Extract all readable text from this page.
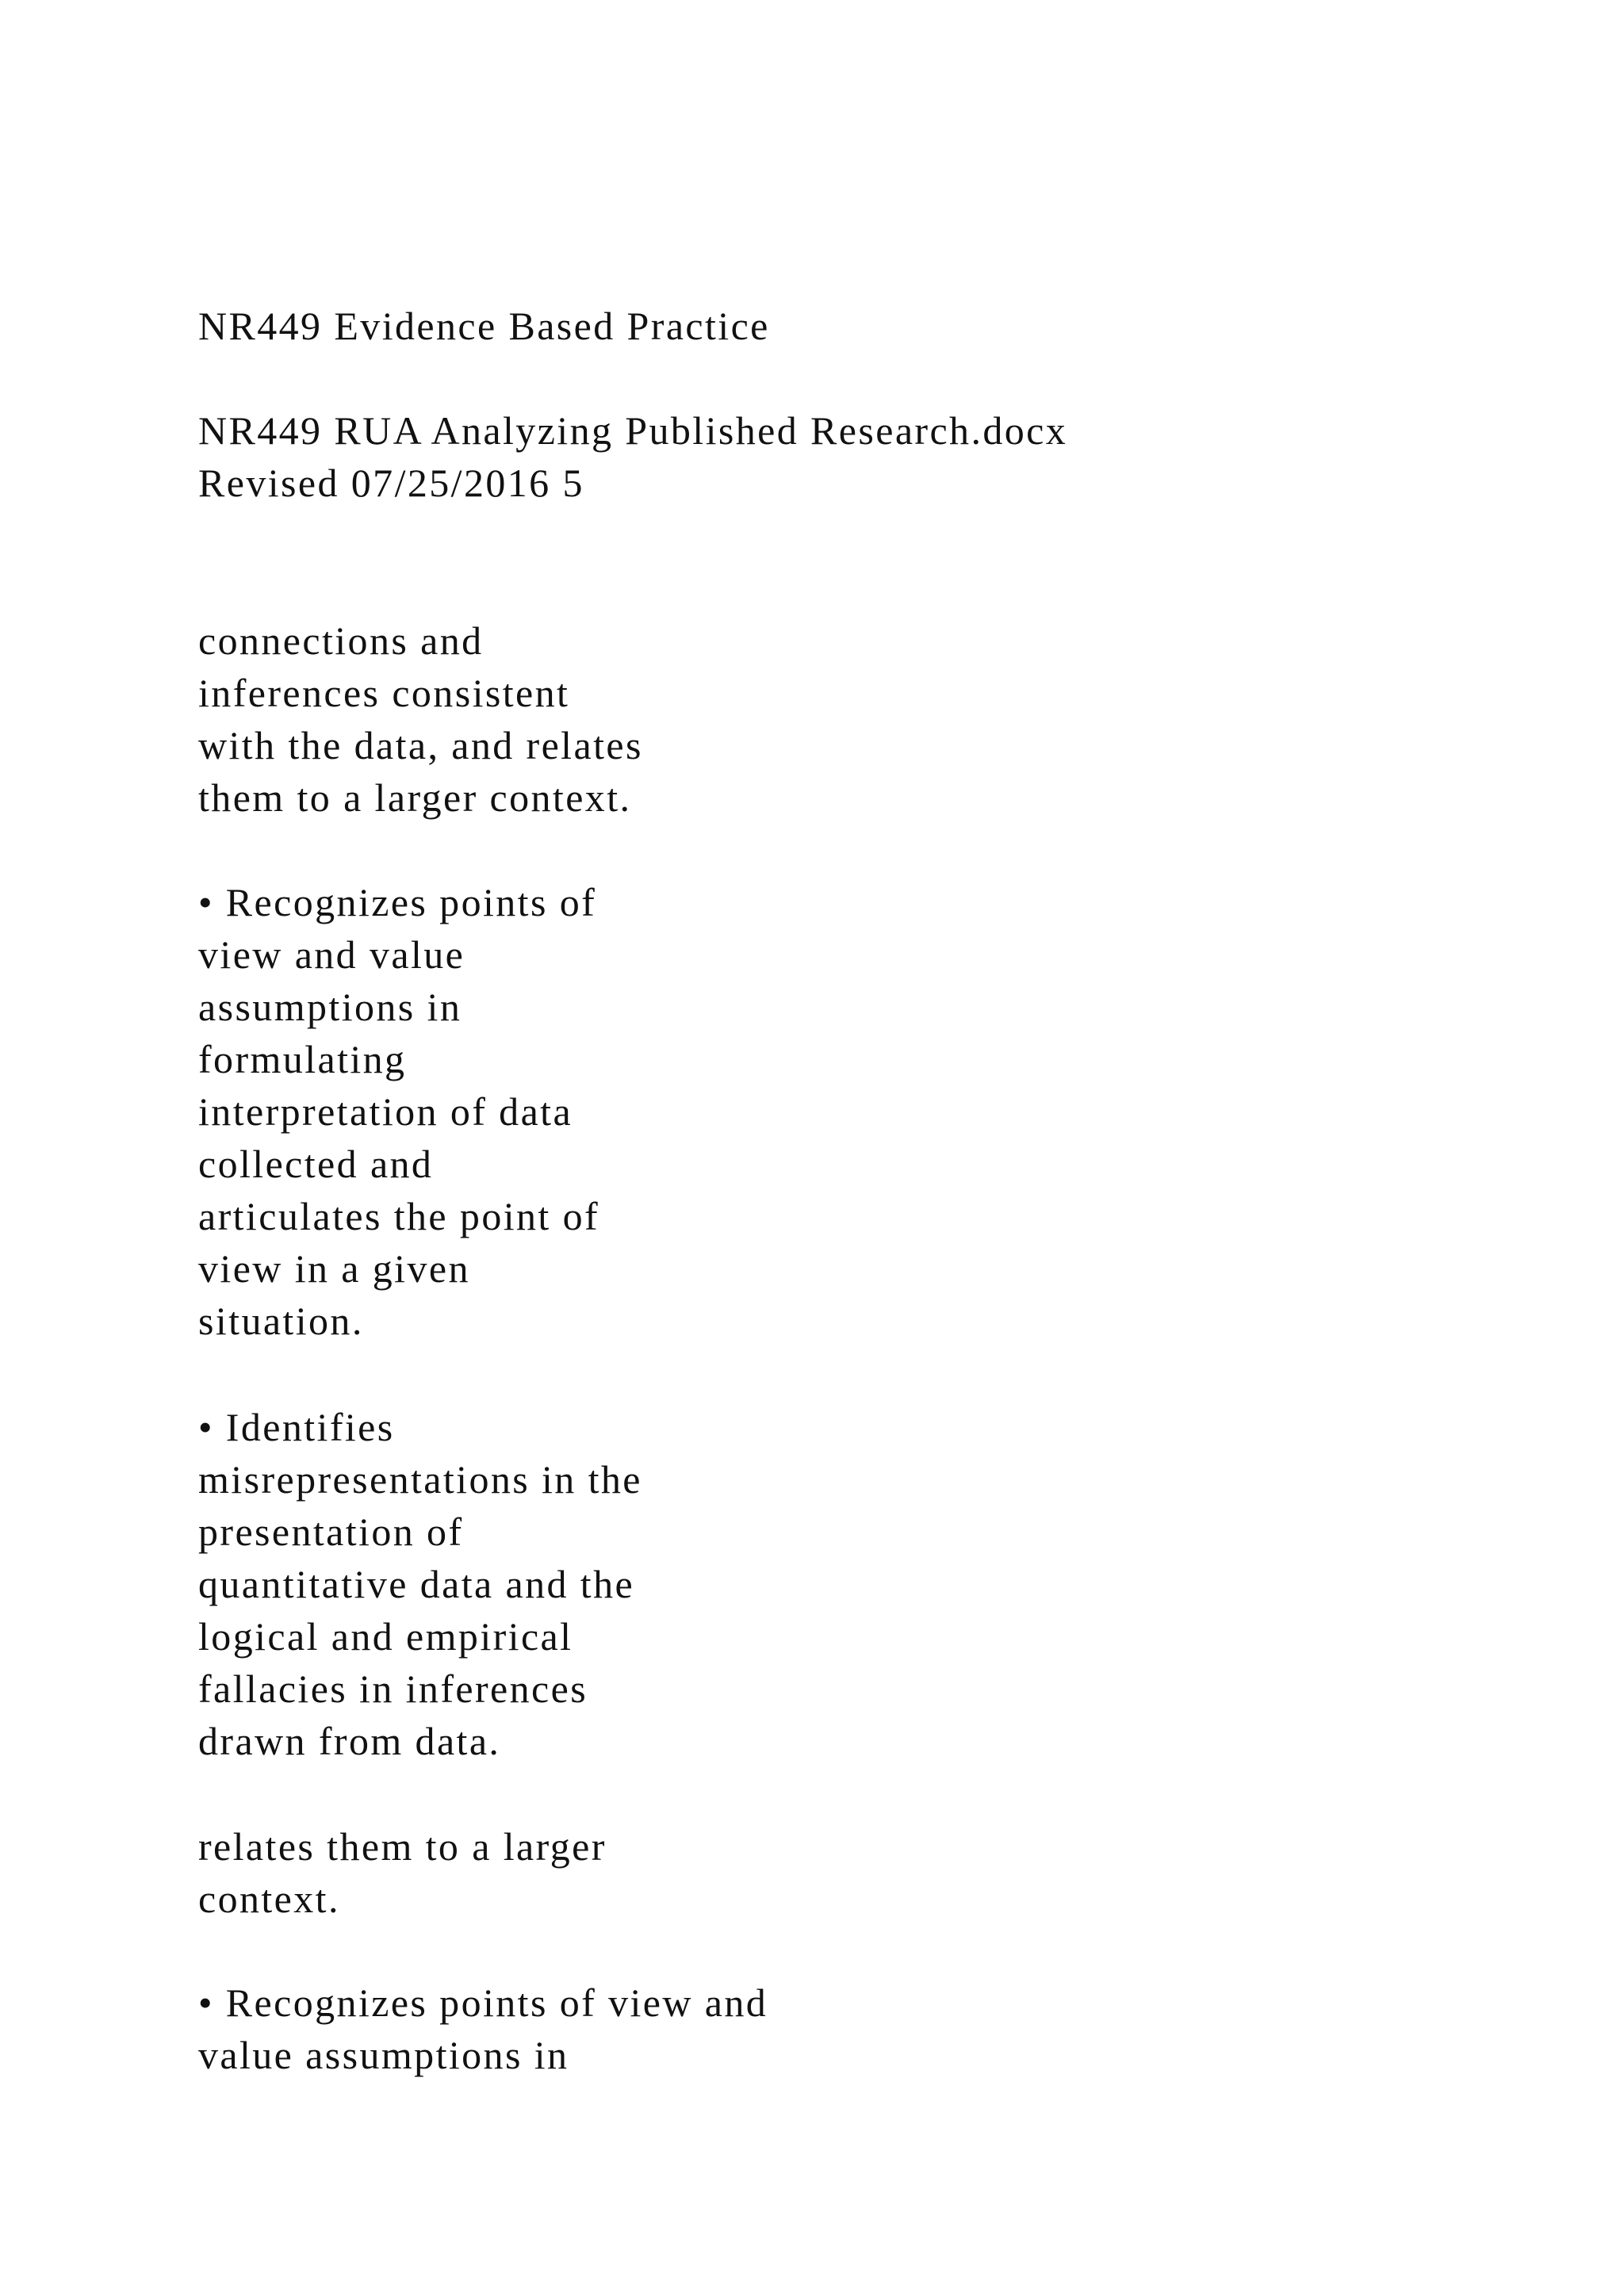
NR449 Evidence Based Practice

NR449 RUA Analyzing Published Research.docx
Revised 07/25/2016 5

connections and
inferences consistent
with the data, and relates
them to a larger context.

• Recognizes points of
view and value
assumptions in
formulating
interpretation of data
collected and
articulates the point of
view in a given
situation.

• Identifies
misrepresentations in the
presentation of
quantitative data and the
logical and empirical
fallacies in inferences
drawn from data.

relates them to a larger
context.

• Recognizes points of view and
value assumptions in
